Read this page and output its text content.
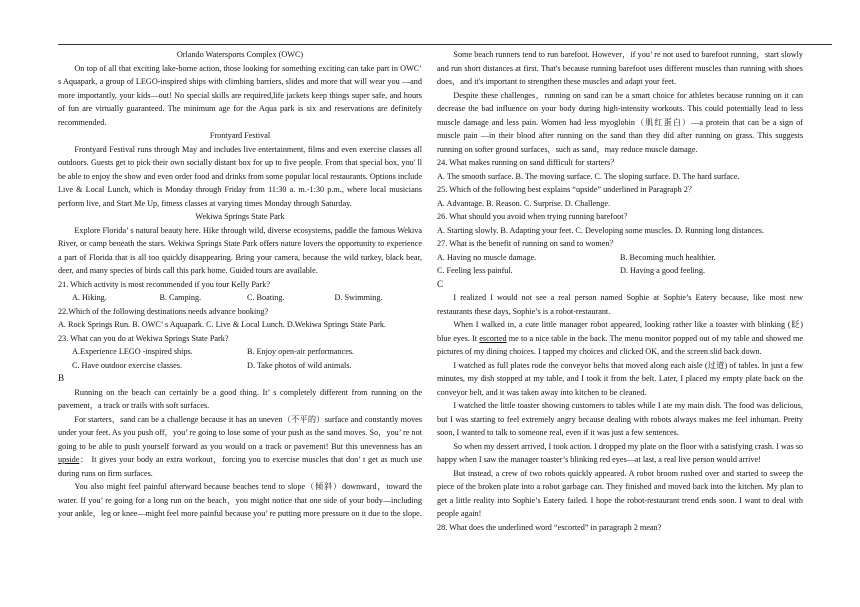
Orlando Watersports Complex (OWC)

On top of all that exciting lake-borne action, those looking for something exciting can take part in OWC’ s Aquapark, a group of LEGO-inspired ships with climbing barriers, slides and more that will wear you —and more importantly, your kids—out! No special skills are required,life jackets keep things super safe, and hours of fun are virtually guaranteed. The minimum age for the Aqua park is six and reservations are definitely recommended.

Frontyard Festival

Frontyard Festival runs through May and includes live entertainment, films and even exercise classes all outdoors. Guests get to pick their own socially distant box for up to five people. From that special box, you' ll be able to enjoy the show and even order food and drinks from some popular local restaurants. Options include Live & Local Lunch, which is Monday through Friday from 11:30 a. m.-1:30 p.m., where local musicians perform live, and Start Me Up, fitness classes at varying times Monday through Saturday.

Wekiwa Springs State Park

Explore Florida’ s natural beauty here. Hike through wild, diverse ecosystems, paddle the famous Wekiva River, or camp beneath the stars. Wekiwa Springs State Park offers nature lovers the opportunity to experience a part of Florida that is all too quickly disappearing. Bring your camera, because the wild turkey, black bear, deer, and many species of birds call this park home. Guided tours are available.

21. Which activity is most recommended if you tour Kelly Park?

A. Hiking.	B. Camping.	C. Boating.	D. Swimming.

22.Which of the following destinations needs advance booking?

A. Rock Springs Run. B. OWC’ s Aquapark. C. Live & Local Lunch. D.Wekiwa Springs State Park.

23. What can you do at Wekiwa Springs State Park?

A.Experience LEGO -inspired ships.	B. Enjoy open-air performances.
C. Have outdoor exercise classes.	D. Take photos of wild animals.

B

Running on the beach can certainly be a good thing. It’ s completely different from running on the pavement，a track or trails with soft surfaces.

For starters，sand can be a challenge because it has an uneven（不平的）surface and constantly moves under your feet. As you push off，you’ re going to lose some of your push as the sand moves. So，you’ re not going to be able to push yourself forward as you would on a track or pavement! But this unevenness has an upside： It gives your body an extra workout，forcing you to exercise muscles that don’ t get as much use during runs on firm surfaces.

You also might feel painful afterward because beaches tend to slope（倾斜）downward，toward the water. If you’ re going for a long run on the beach，you might notice that one side of your body—including your ankle，leg or knee—might feel more painful because you’ re putting more pressure on it due to the slope.

Some beach runners tend to run barefoot. However，if you’ re not used to barefoot running，start slowly and run short distances at first. That's because running barefoot uses different muscles than running with shoes does，and it's important to strengthen these muscles and adapt your feet.

Despite these challenges，running on sand can be a smart choice for athletes because running on it can decrease the bad influence on your body during high-intensity workouts. This could potentially lead to less muscle damage and less pain. Women had less myoglobin（肌红蛋白）—a protein that can be a sign of muscle pain —in their blood after running on the sand than they did after running on grass. This suggests running on softer ground surfaces，such as sand，may reduce muscle damage.

24. What makes running on sand difficult for starters？

A. The smooth surface. B. The moving surface. C. The sloping surface. D. The hard surface.

25. Which of the following best explains “upside” underlined in Paragraph 2？

A. Advantage. B. Reason. C. Surprise. D. Challenge.

26. What should you avoid when trying running barefoot？

A. Starting slowly. B. Adapting your feet. C. Developing some muscles. D. Running long distances.

27. What is the benefit of running on sand to women？

A. Having no muscle damage.	B. Becoming much healthier.
C. Feeling less painful.	D. Having a good feeling.

C

I realized I would not see a real person named Sophie at Sophie’s Eatery because, like most new restaurants these days, Sophie’s is a robot-restaurant.

When I walked in, a cute little manager robot appeared, looking rather like a toaster with blinking (眨) blue eyes. It escorted me to a nice table in the back. The menu monitor popped out of my table and showed me pictures of my dining choices. I tapped my choices and clicked OK, and the screen slid back down.

I watched as full plates rode the conveyor belts that moved along each aisle (过道) of tables. In just a few minutes, my dish stopped at my table, and I took it from the belt. Later, I placed my empty plate back on the conveyor belt, and it was taken away into kitchen to be cleaned.

I watched the little toaster showing customers to tables while I ate my main dish. The food was delicious, but I was starting to feel extremely angry because dealing with robots always makes me feel inhuman. Pretty soon, I wanted to talk to someone real, even if it was just a few sentences.

So when my dessert arrived, I took action. I dropped my plate on the floor with a satisfying crash. I was so happy when I saw the manager toaster’s blinking red eyes—at last, a real live person would arrive!

But instead, a crew of two robots quickly appeared. A robot broom rushed over and started to sweep the piece of the broken plate into a robot garbage can. They finished and moved back into the kitchen. My plan to get a little reality into Sophie’s Eatery failed. I hope the robot-restaurant trend ends soon. I want to deal with people again!

28. What does the underlined word “escorted” in paragraph 2 mean?
